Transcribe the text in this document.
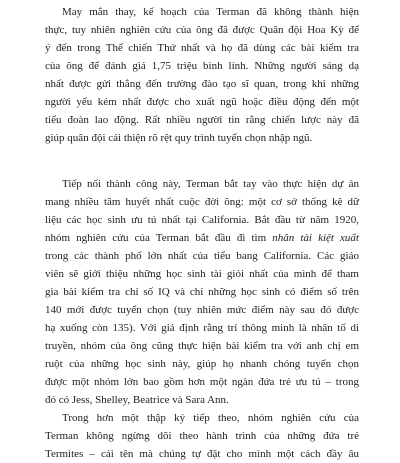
May mắn thay, kế hoạch của Terman đã không thành hiện
thực, tuy nhiên nghiên cứu của ông đã được Quân đội Hoa Kỳ để
ý đến trong Thế chiến Thứ nhất và họ đã dùng các bài kiểm tra
của ông để đánh giá 1,75 triệu binh lính. Những người sáng dạ
nhất được gửi thẳng đến trường đào tạo sĩ quan, trong khi những
người yếu kém nhất được cho xuất ngũ hoặc điều động đến một
tiểu đoàn lao động. Rất nhiều người tin rằng chiến lược này đã
giúp quân đội cải thiện rõ rệt quy trình tuyển chọn nhập ngũ.

Tiếp nối thành công này, Terman bắt tay vào thực hiện dự án
mang nhiều tâm huyết nhất cuộc đời ông: một cơ sở thống kê dữ
liệu các học sinh ưu tú nhất tại California. Bắt đầu từ năm 1920,
nhóm nghiên cứu của Terman bắt đầu đi tìm nhân tài kiệt xuất
trong các thành phố lớn nhất của tiểu bang California. Các giáo
viên sẽ giới thiệu những học sinh tài giỏi nhất của mình để tham
gia bài kiểm tra chỉ số IQ và chỉ những học sinh có điểm số trên
140 mới được tuyển chọn (tuy nhiên mức điểm này sau đó được
hạ xuống còn 135). Với giả định rằng trí thông minh là nhân tố di
truyền, nhóm của ông cũng thực hiện bài kiểm tra với anh chị em
ruột của những học sinh này, giúp họ nhanh chóng tuyển chọn
được một nhóm lớn bao gồm hơn một ngàn đứa trẻ ưu tú – trong
đó có Jess, Shelley, Beatrice và Sara Ann.

Trong hơn một thập kỷ tiếp theo, nhóm nghiên cứu của
Terman không ngừng dõi theo hành trình của những đứa trẻ
Termites – cái tên mà chúng tự đặt cho mình một cách đầy âu
